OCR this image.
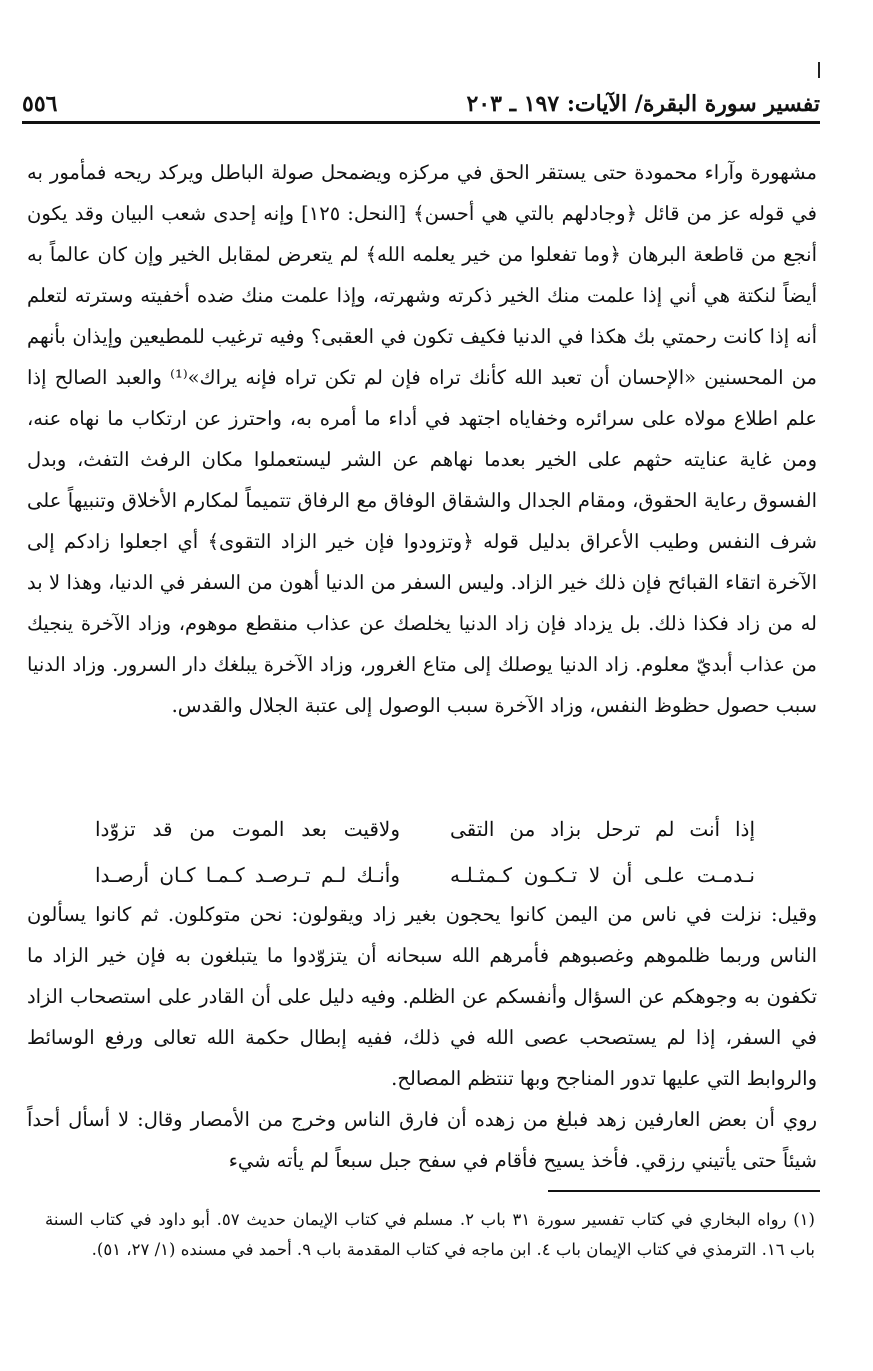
تفسير سورة البقرة/ الآيات: ١٩٧ ـ ٢٠٣
٥٥٦

مشهورة وآراء محمودة حتى يستقر الحق في مركزه ويضمحل صولة الباطل ويركد ريحه فمأمور به في قوله عز من قائل ﴿وجادلهم بالتي هي أحسن﴾ [النحل: ١٢٥] وإنه إحدى شعب البيان وقد يكون أنجع من قاطعة البرهان ﴿وما تفعلوا من خير يعلمه الله﴾ لم يتعرض لمقابل الخير وإن كان عالماً به أيضاً لنكتة هي أني إذا علمت منك الخير ذكرته وشهرته، وإذا علمت منك ضده أخفيته وسترته لتعلم أنه إذا كانت رحمتي بك هكذا في الدنيا فكيف تكون في العقبى؟ وفيه ترغيب للمطيعين وإيذان بأنهم من المحسنين «الإحسان أن تعبد الله كأنك تراه فإن لم تكن تراه فإنه يراك»⁽¹⁾ والعبد الصالح إذا علم اطلاع مولاه على سرائره وخفاياه اجتهد في أداء ما أمره به، واحترز عن ارتكاب ما نهاه عنه، ومن غاية عنايته حثهم على الخير بعدما نهاهم عن الشر ليستعملوا مكان الرفث التفث، وبدل الفسوق رعاية الحقوق، ومقام الجدال والشقاق الوفاق مع الرفاق تتميماً لمكارم الأخلاق وتنبيهاً على شرف النفس وطيب الأعراق بدليل قوله ﴿وتزودوا فإن خير الزاد التقوى﴾ أي اجعلوا زادكم إلى الآخرة اتقاء القبائح فإن ذلك خير الزاد. وليس السفر من الدنيا أهون من السفر في الدنيا، وهذا لا بد له من زاد فكذا ذلك. بل يزداد فإن زاد الدنيا يخلصك عن عذاب منقطع موهوم، وزاد الآخرة ينجيك من عذاب أبديّ معلوم. زاد الدنيا يوصلك إلى متاع الغرور، وزاد الآخرة يبلغك دار السرور. وزاد الدنيا سبب حصول حظوظ النفس، وزاد الآخرة سبب الوصول إلى عتبة الجلال والقدس.

إذا أنت لم ترحل بزاد من التقى
ولاقيت بعد الموت من قد تزوّدا
نـدمـت علـى أن لا تـكـون كـمثـلـه
وأنـك لـم تـرصـد كـمـا كـان أرصـدا

وقيل: نزلت في ناس من اليمن كانوا يحجون بغير زاد ويقولون: نحن متوكلون. ثم كانوا يسألون الناس وربما ظلموهم وغصبوهم فأمرهم الله سبحانه أن يتزوّدوا ما يتبلغون به فإن خير الزاد ما تكفون به وجوهكم عن السؤال وأنفسكم عن الظلم. وفيه دليل على أن القادر على استصحاب الزاد في السفر، إذا لم يستصحب عصى الله في ذلك، ففيه إبطال حكمة الله تعالى ورفع الوسائط والروابط التي عليها تدور المناجح وبها تنتظم المصالح.

روي أن بعض العارفين زهد فبلغ من زهده أن فارق الناس وخرج من الأمصار وقال: لا أسأل أحداً شيئاً حتى يأتيني رزقي. فأخذ يسيح فأقام في سفح جبل سبعاً لم يأته شيء

(١) رواه البخاري في كتاب تفسير سورة ٣١ باب ٢. مسلم في كتاب الإيمان حديث ٥٧. أبو داود في كتاب السنة باب ١٦. الترمذي في كتاب الإيمان باب ٤. ابن ماجه في كتاب المقدمة باب ٩. أحمد في مسنده (١/ ٢٧، ٥١).
